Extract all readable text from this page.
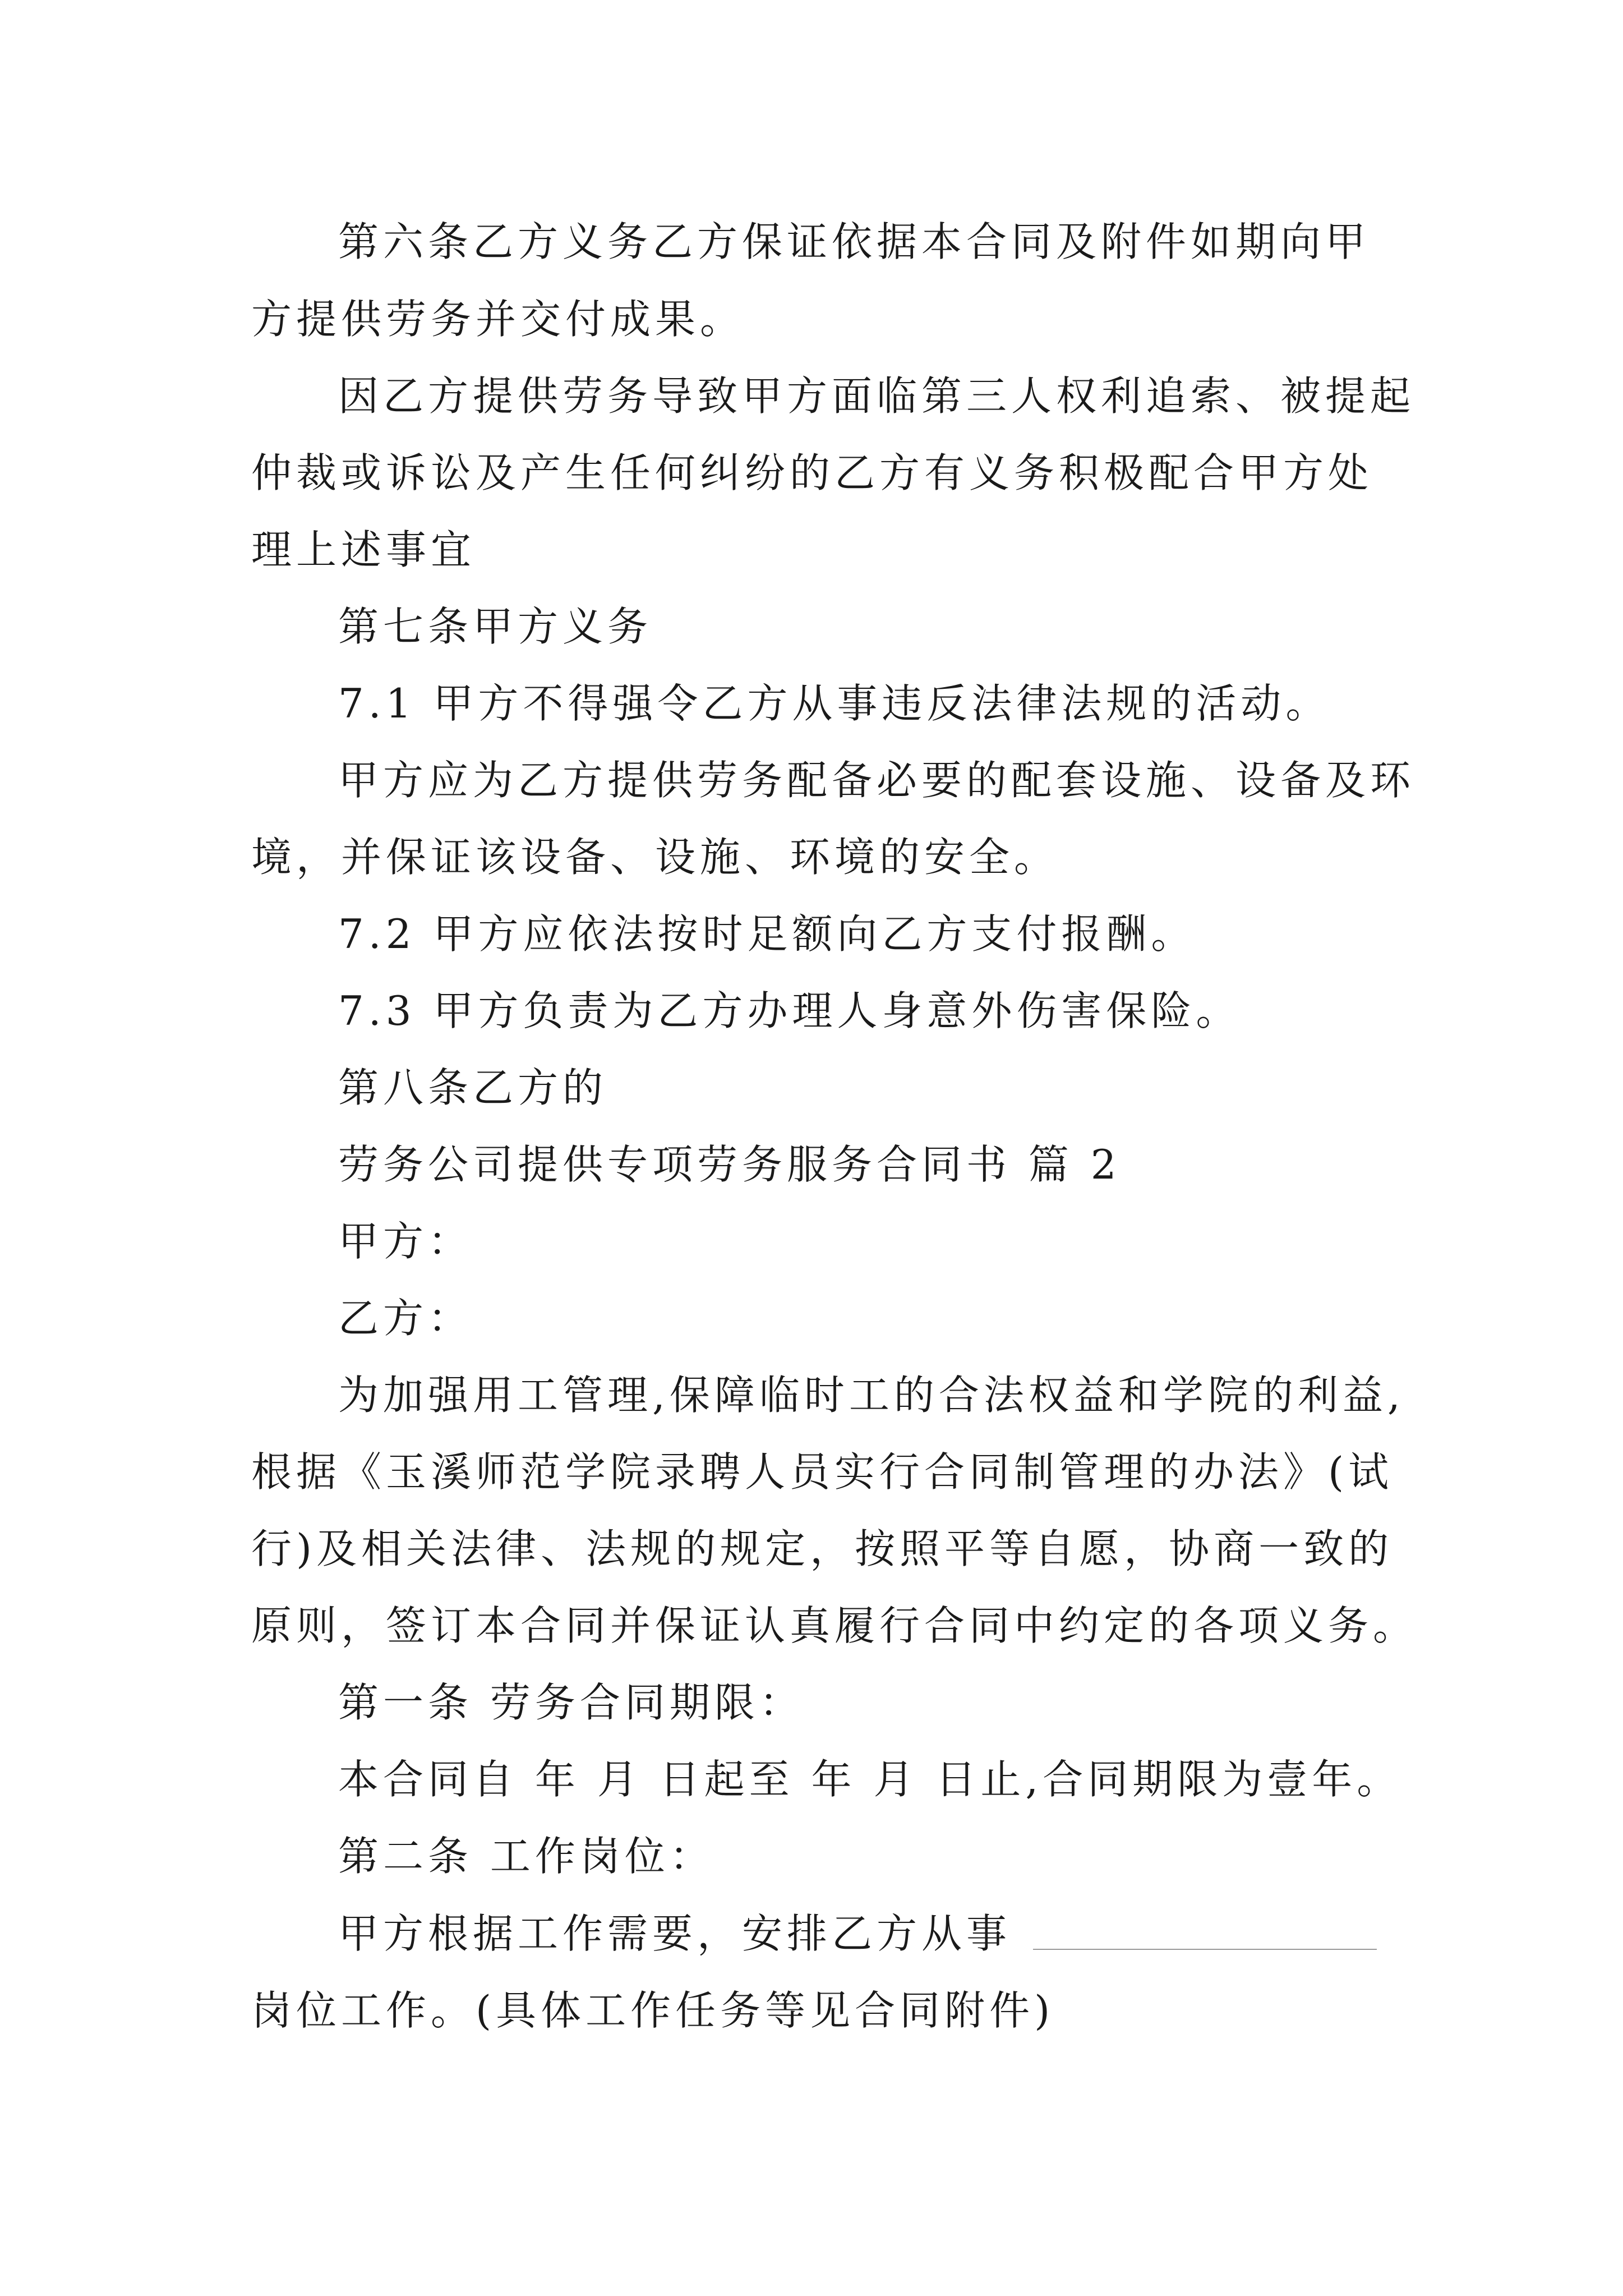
第六条乙方义务乙方保证依据本合同及附件如期向甲
方提供劳务并交付成果。
因乙方提供劳务导致甲方面临第三人权利追索、被提起
仲裁或诉讼及产生任何纠纷的乙方有义务积极配合甲方处
理上述事宜
第七条甲方义务
7.1 甲方不得强令乙方从事违反法律法规的活动。
甲方应为乙方提供劳务配备必要的配套设施、设备及环
境，并保证该设备、设施、环境的安全。
7.2 甲方应依法按时足额向乙方支付报酬。
7.3 甲方负责为乙方办理人身意外伤害保险。
第八条乙方的
劳务公司提供专项劳务服务合同书 篇 2
甲方：
乙方：
为加强用工管理,保障临时工的合法权益和学院的利益,
根据《玉溪师范学院录聘人员实行合同制管理的办法》(试
行)及相关法律、法规的规定，按照平等自愿，协商一致的
原则，签订本合同并保证认真履行合同中约定的各项义务。
第一条 劳务合同期限：
本合同自 年 月 日起至 年 月 日止,合同期限为壹年。
第二条 工作岗位：
甲方根据工作需要，安排乙方从事
岗位工作。(具体工作任务等见合同附件)
